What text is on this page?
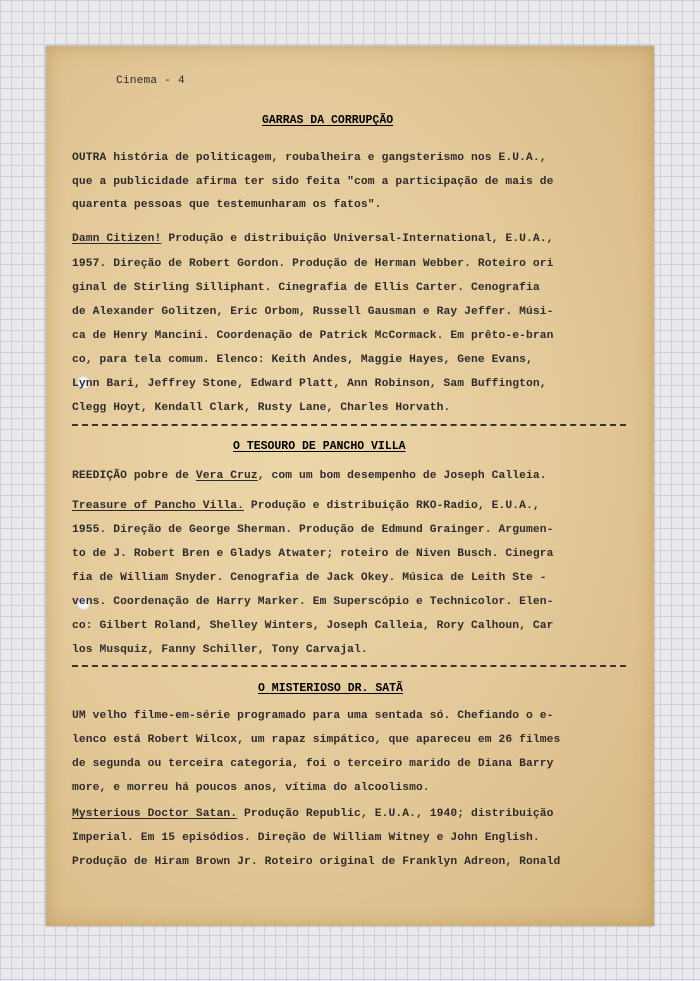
Cinema - 4
GARRAS DA CORRUPÇÃO
OUTRA história de politicagem, roubalheira e gangsterismo nos E.U.A.,
que a publicidade afirma ter sido feita "com a participação de mais de
quarenta pessoas que testemunharam os fatos".
Damn Citizen! Produção e distribuição Universal-International, E.U.A.,
1957. Direção de Robert Gordon. Produção de Herman Webber. Roteiro ori
ginal de Stirling Silliphant. Cinegrafia de Ellis Carter. Cenografia
de Alexander Golitzen, Eric Orbom, Russell Gausman e Ray Jeffer. Músi-
ca de Henry Mancini. Coordenação de Patrick McCormack. Em prêto-e-bran
co, para tela comum. Elenco: Keith Andes, Maggie Hayes, Gene Evans,
Lynn Bari, Jeffrey Stone, Edward Platt, Ann Robinson, Sam Buffington,
Clegg Hoyt, Kendall Clark, Rusty Lane, Charles Horvath.
O TESOURO DE PANCHO VILLA
REEDIÇÃO pobre de Vera Cruz, com um bom desempenho de Joseph Calleia.
Treasure of Pancho Villa. Produção e distribuição RKO-Radio, E.U.A.,
1955. Direção de George Sherman. Produção de Edmund Grainger. Argumen-
to de J. Robert Bren e Gladys Atwater; roteiro de Niven Busch. Cinegra
fia de William Snyder. Cenografia de Jack Okey. Música de Leith Ste -
vens. Coordenação de Harry Marker. Em Superscópio e Technicolor. Elen-
co: Gilbert Roland, Shelley Winters, Joseph Calleia, Rory Calhoun, Car
los Musquiz, Fanny Schiller, Tony Carvajal.
O MISTERIOSO DR. SATÃ
UM velho filme-em-série programado para uma sentada só. Chefiando o e-
lenco está Robert Wilcox, um rapaz simpático, que apareceu em 26 filmes
de segunda ou terceira categoria, foi o terceiro marido de Diana Barry
more, e morreu há poucos anos, vítima do alcoolismo.
Mysterious Doctor Satan. Produção Republic, E.U.A., 1940; distribuição
Imperial. Em 15 episódios. Direção de William Witney e John English.
Produção de Hiram Brown Jr. Roteiro original de Franklyn Adreon, Ronald
